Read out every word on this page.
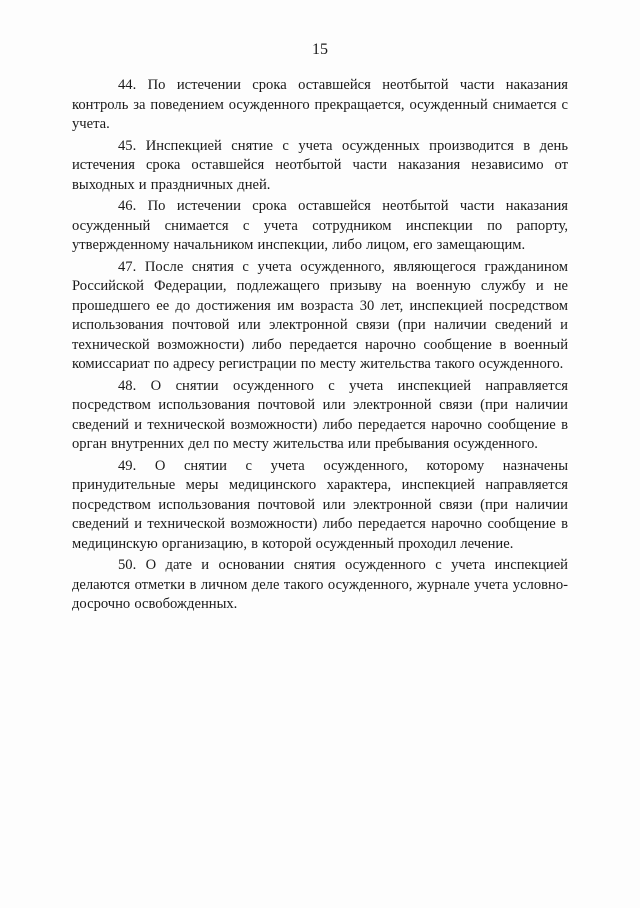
15

44. По истечении срока оставшейся неотбытой части наказания контроль за поведением осужденного прекращается, осужденный снимается с учета.

45. Инспекцией снятие с учета осужденных производится в день истечения срока оставшейся неотбытой части наказания независимо от выходных и праздничных дней.

46. По истечении срока оставшейся неотбытой части наказания осужденный снимается с учета сотрудником инспекции по рапорту, утвержденному начальником инспекции, либо лицом, его замещающим.

47. После снятия с учета осужденного, являющегося гражданином Российской Федерации, подлежащего призыву на военную службу и не прошедшего ее до достижения им возраста 30 лет, инспекцией посредством использования почтовой или электронной связи (при наличии сведений и технической возможности) либо передается нарочно сообщение в военный комиссариат по адресу регистрации по месту жительства такого осужденного.

48. О снятии осужденного с учета инспекцией направляется посредством использования почтовой или электронной связи (при наличии сведений и технической возможности) либо передается нарочно сообщение в орган внутренних дел по месту жительства или пребывания осужденного.

49. О снятии с учета осужденного, которому назначены принудительные меры медицинского характера, инспекцией направляется посредством использования почтовой или электронной связи (при наличии сведений и технической возможности) либо передается нарочно сообщение в медицинскую организацию, в которой осужденный проходил лечение.

50. О дате и основании снятия осужденного с учета инспекцией делаются отметки в личном деле такого осужденного, журнале учета условно-досрочно освобожденных.
